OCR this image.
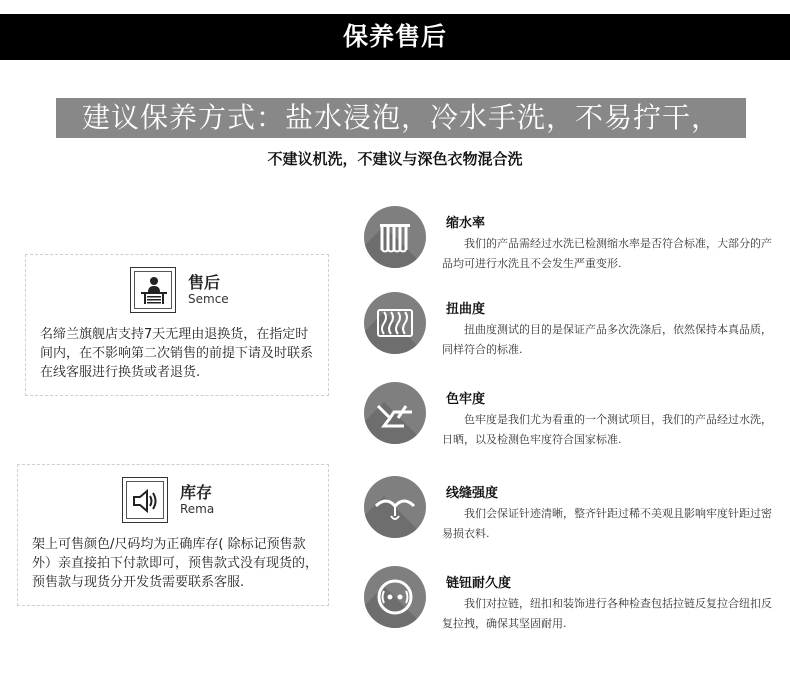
保养售后
建议保养方式：盐水浸泡，冷水手洗，不易拧干，
不建议机洗，不建议与深色衣物混合洗
售后
Semce
名缔兰旗舰店支持7天无理由退换货，在指定时间内，在不影响第二次销售的前提下请及时联系在线客服进行换货或者退货.
库存
Rema
架上可售颜色/尺码均为正确库存( 除标记预售款外）亲直接拍下付款即可，预售款式没有现货的，预售款与现货分开发货需要联系客服.
缩水率
我们的产品需经过水洗已检测缩水率是否符合标准，大部分的产品均可进行水洗且不会发生严重变形.
扭曲度
扭曲度测试的目的是保证产品多次洗涤后，依然保持本真品质，同样符合的标准.
色牢度
色牢度是我们尤为看重的一个测试项目，我们的产品经过水洗，日晒，以及检测色牢度符合国家标准.
线缝强度
我们会保证针迹清晰，整齐针距过稀不美观且影响牢度针距过密易损衣料.
链钮耐久度
我们对拉链，纽扣和装饰进行各种检查包括拉链反复拉合纽扣反复拉拽，确保其坚固耐用.
